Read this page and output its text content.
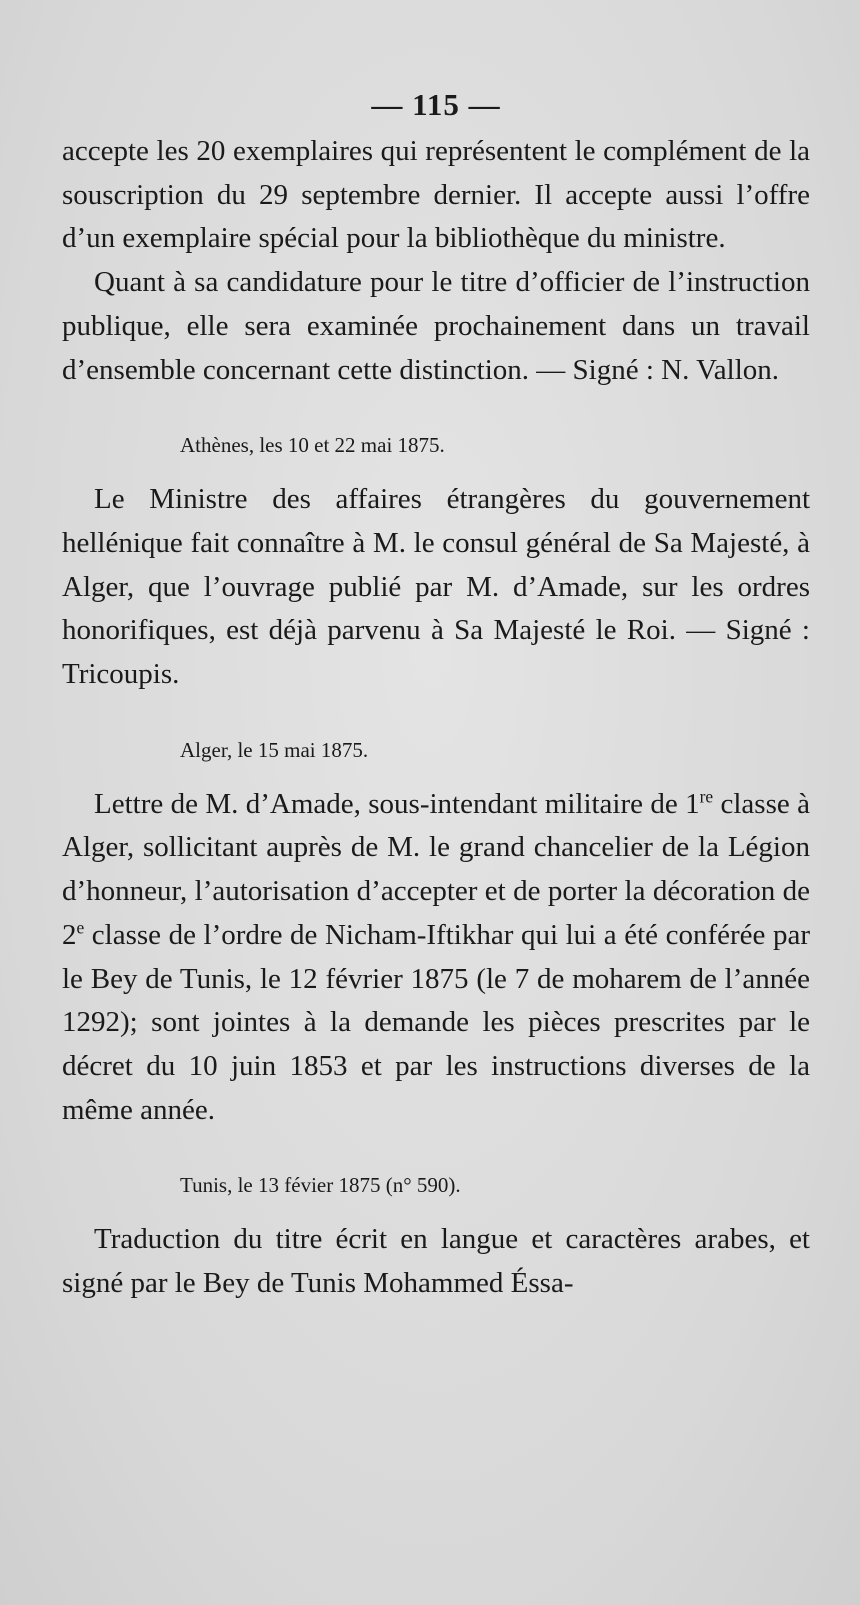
— 115 —

accepte les 20 exemplaires qui représentent le complément de la souscription du 29 septembre dernier. Il accepte aussi l’offre d’un exemplaire spécial pour la bibliothèque du ministre.

Quant à sa candidature pour le titre d’officier de l’instruction publique, elle sera examinée prochainement dans un travail d’ensemble concernant cette distinction. — Signé : N. Vallon.

Athènes, les 10 et 22 mai 1875.

Le Ministre des affaires étrangères du gouvernement hellénique fait connaître à M. le consul général de Sa Majesté, à Alger, que l’ouvrage publié par M. d’Amade, sur les ordres honorifiques, est déjà parvenu à Sa Majesté le Roi. — Signé : Tricoupis.

Alger, le 15 mai 1875.

Lettre de M. d’Amade, sous-intendant militaire de 1re classe à Alger, sollicitant auprès de M. le grand chancelier de la Légion d’honneur, l’autorisation d’accepter et de porter la décoration de 2e classe de l’ordre de Nicham-Iftikhar qui lui a été conférée par le Bey de Tunis, le 12 février 1875 (le 7 de moharem de l’année 1292); sont jointes à la demande les pièces prescrites par le décret du 10 juin 1853 et par les instructions diverses de la même année.

Tunis, le 13 févier 1875 (n° 590).

Traduction du titre écrit en langue et caractères arabes, et signé par le Bey de Tunis Mohammed Éssa-
